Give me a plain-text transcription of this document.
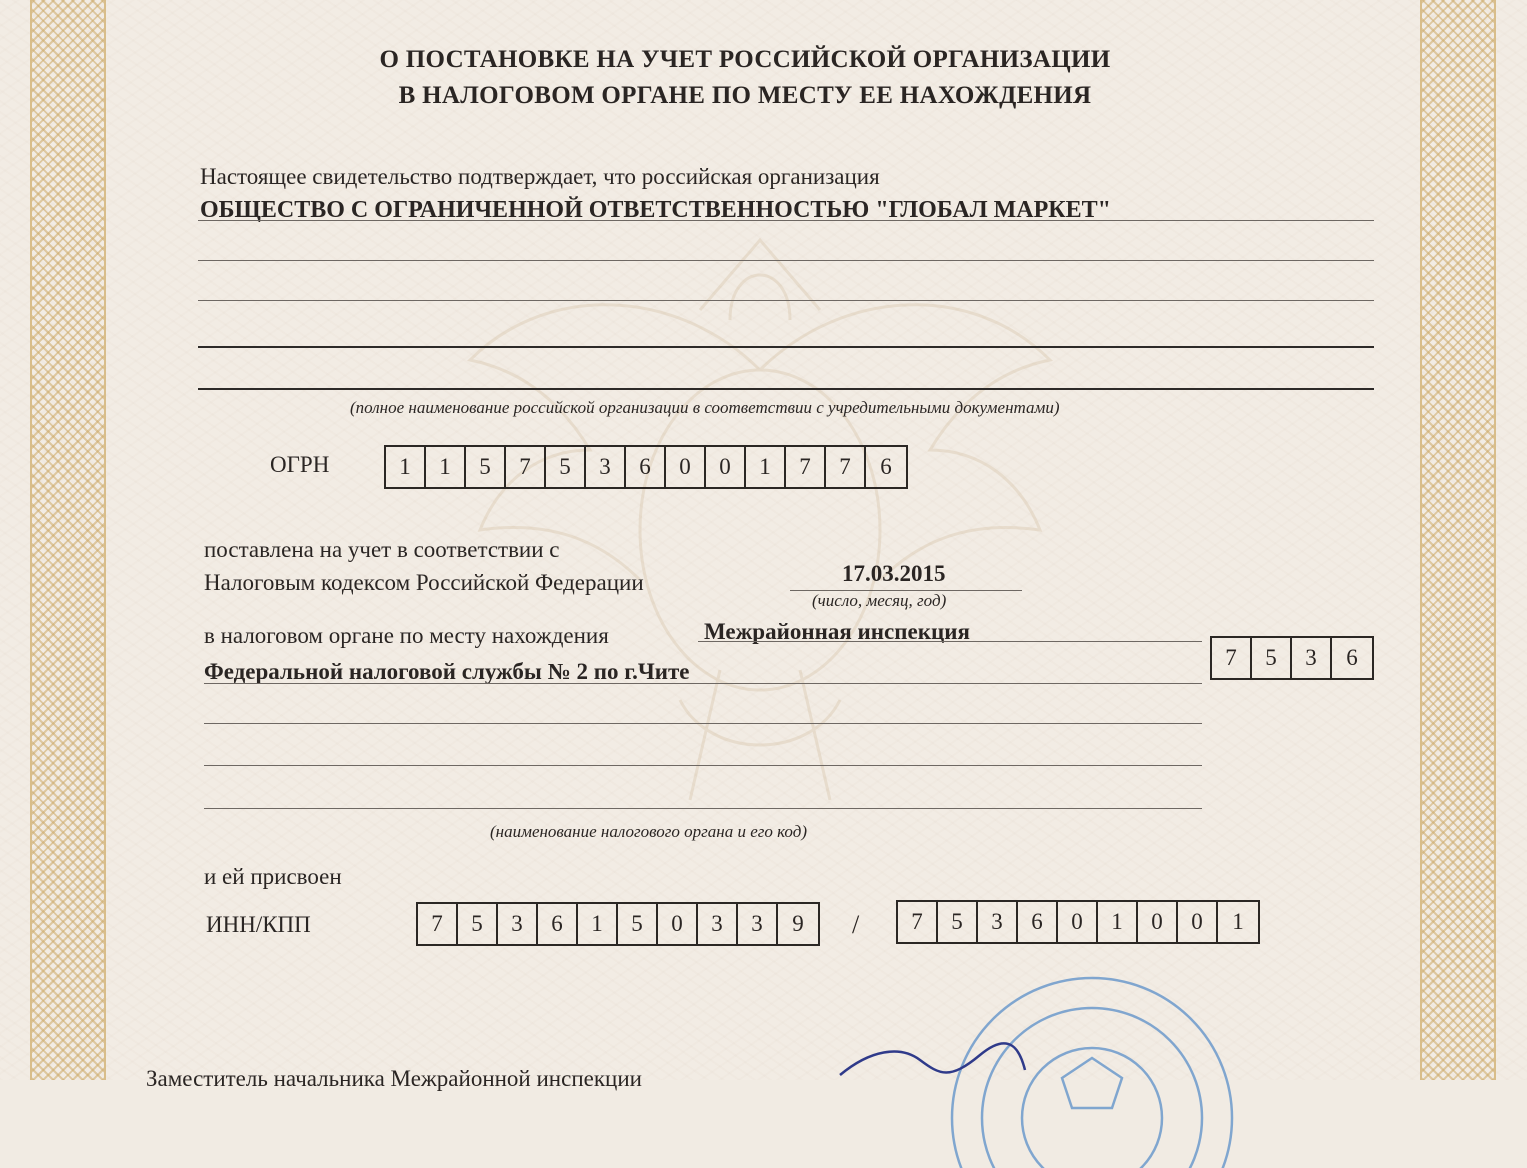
О ПОСТАНОВКЕ НА УЧЕТ РОССИЙСКОЙ ОРГАНИЗАЦИИ
В НАЛОГОВОМ ОРГАНЕ ПО МЕСТУ ЕЕ НАХОЖДЕНИЯ
Настоящее свидетельство подтверждает, что российская организация
ОБЩЕСТВО С ОГРАНИЧЕННОЙ ОТВЕТСТВЕННОСТЬЮ "ГЛОБАЛ МАРКЕТ"
(полное наименование российской организации в соответствии с учредительными документами)
ОГРН	1	1	5	7	5	3	6	0	0	1	7	7	6
поставлена на учет в соответствии с
Налоговым кодексом Российской Федерации	17.03.2015
(число, месяц, год)
в налоговом органе по месту нахождения	Межрайонная инспекция
Федеральной налоговой службы № 2 по г.Чите
7	5	3	6
(наименование налогового органа и его код)
и ей присвоен
ИНН/КПП	7	5	3	6	1	5	0	3	3	9	/	7	5	3	6	0	1	0	0	1
Заместитель начальника Межрайонной инспекции
